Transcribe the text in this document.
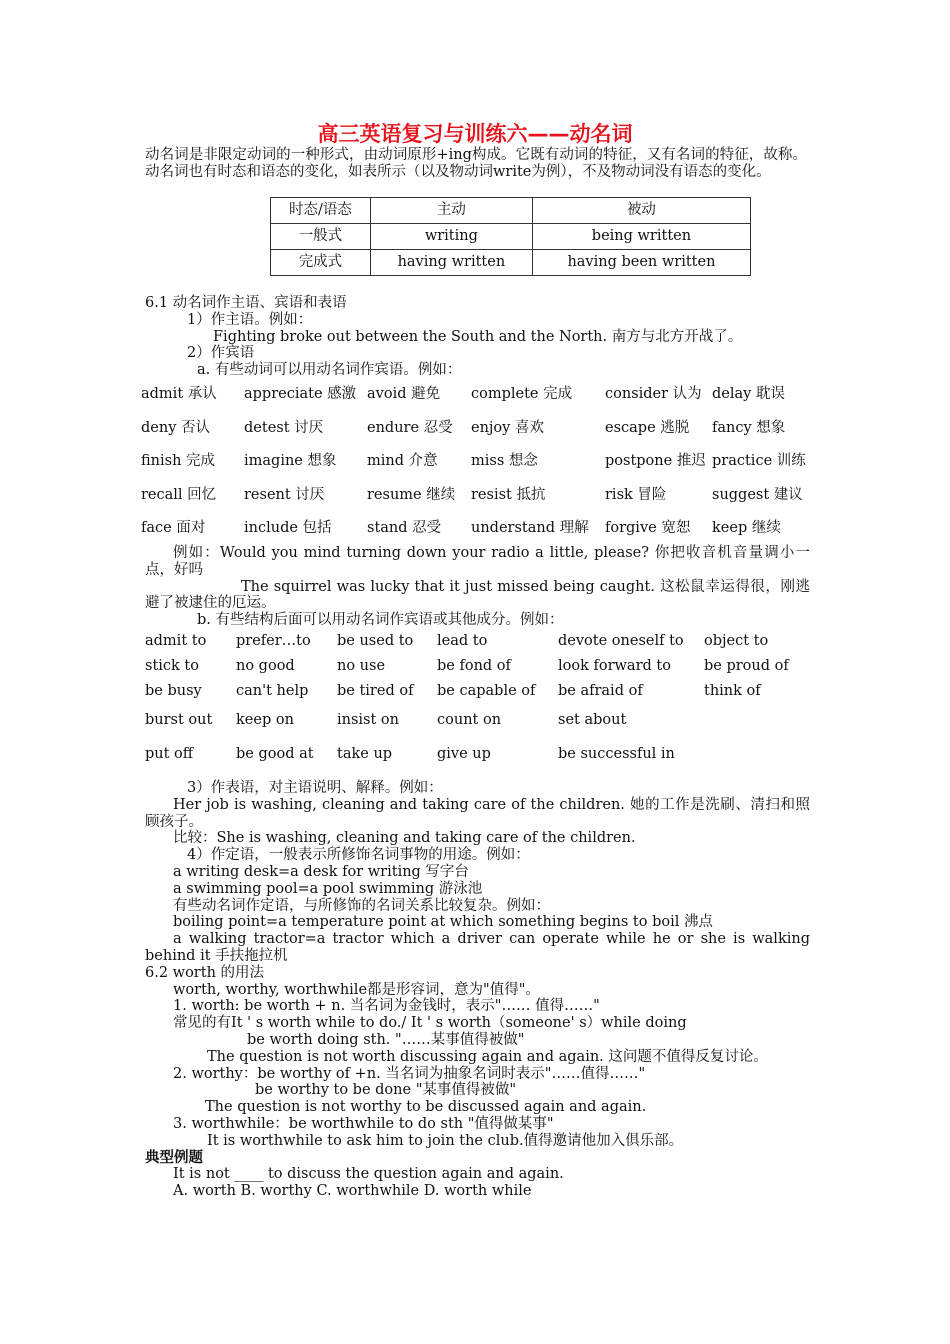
高三英语复习与训练六——动名词

动名词是非限定动词的一种形式，由动词原形+ing构成。它既有动词的特征，又有名词的特征，故称。动名词也有时态和语态的变化，如表所示（以及物动词write为例），不及物动词没有语态的变化。

时态/语态	主动	被动
一般式	writing	being written
完成式	having written	having been written
6.1 动名词作主语、宾语和表语
1）作主语。例如：
Fighting broke out between the South and the North. 南方与北方开战了。
2）作宾语
a. 有些动词可以用动名词作宾语。例如：
admit 承认	appreciate 感激	avoid 避免	complete 完成	consider 认为	delay 耽误
deny 否认	detest 讨厌	endure 忍受	enjoy 喜欢	escape 逃脱	fancy 想象
finish 完成	imagine 想象	mind 介意	miss 想念	postpone 推迟	practice 训练
recall 回忆	resent 讨厌	resume 继续	resist 抵抗	risk 冒险	suggest 建议
face 面对	include 包括	stand 忍受	understand 理解	forgive 宽恕	keep 继续

例如：Would you mind turning down your radio a little, please? 你把收音机音量调小一点，好吗

The squirrel was lucky that it just missed being caught. 这松鼠幸运得很，刚逃避了被逮住的厄运。

b. 有些结构后面可以用动名词作宾语或其他成分。例如：

admit to	prefer…to	be used to	lead to	devote oneself to	object to
stick to	no good	no use	be fond of	look forward to	be proud of
be busy	can't help	be tired of	be capable of	be afraid of	think of
burst out	keep on	insist on	count on	set about	
put off	be good at	take up	give up	be successful in	

3）作表语，对主语说明、解释。例如：

Her job is washing, cleaning and taking care of the children. 她的工作是洗刷、清扫和照顾孩子。

比较：She is washing, cleaning and taking care of the children.

4）作定语，一般表示所修饰名词事物的用途。例如：

a writing desk=a desk for writing 写字台

a swimming pool=a pool swimming 游泳池

有些动名词作定语，与所修饰的名词关系比较复杂。例如：

boiling point=a temperature point at which something begins to boil 沸点

a walking tractor=a tractor which a driver can operate while he or she is walking behind it 手扶拖拉机

6.2 worth 的用法

worth, worthy, worthwhile都是形容词，意为"值得"。

1. worth: be worth + n. 当名词为金钱时，表示"…… 值得……"

常见的有It ' s worth while to do./ It ' s worth（someone' s）while doing

be worth doing sth. "……某事值得被做"

The question is not worth discussing again and again. 这问题不值得反复讨论。

2. worthy：be worthy of +n. 当名词为抽象名词时表示"……值得……"

be worthy to be done "某事值得被做"

The question is not worthy to be discussed again and again.

3. worthwhile：be worthwhile to do sth "值得做某事"

It is worthwhile to ask him to join the club.值得邀请他加入俱乐部。

典型例题

It is not ____ to discuss the question again and again.

A. worth B. worthy C. worthwhile D. worth while
